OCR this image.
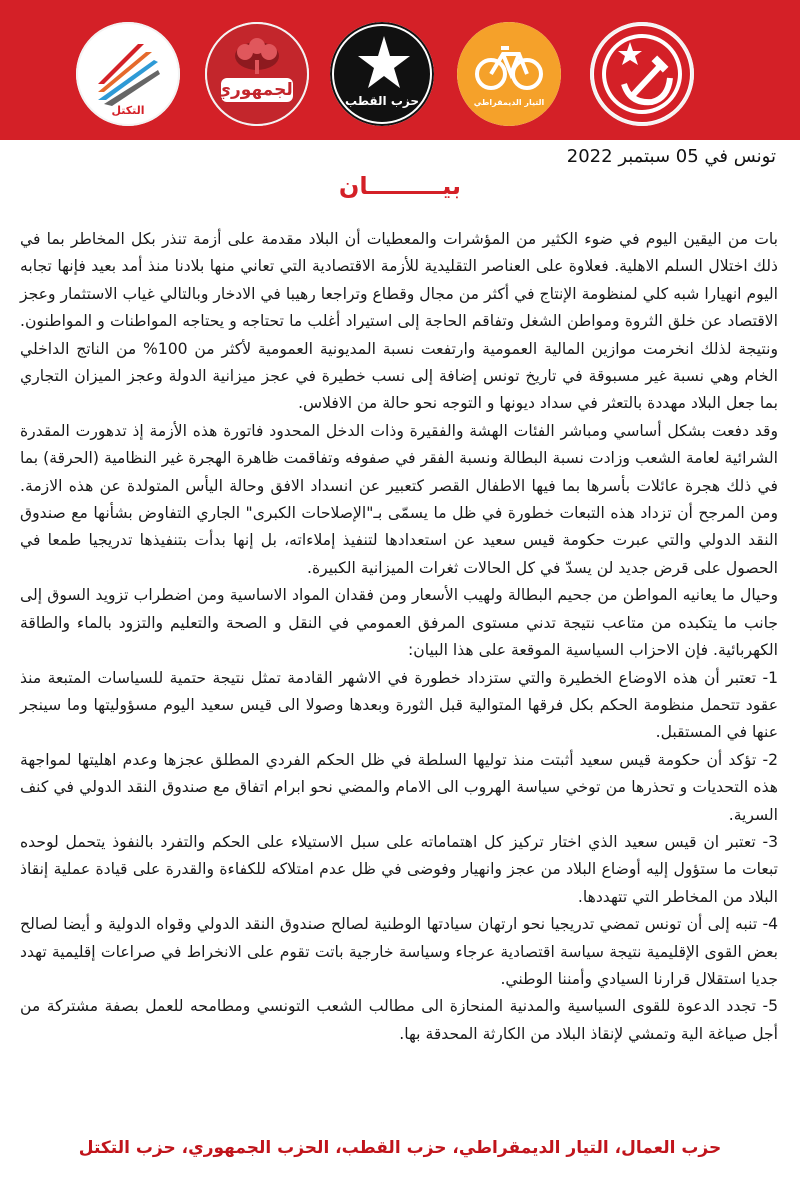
التيار الديمقراطي
حزب القطب
الجمهوري
التكتل
تونس في 05 سبتمبر 2022
بيـــــــــان

بات من اليقين اليوم في ضوء الكثير من المؤشرات والمعطيات أن البلاد مقدمة على أزمة تنذر بكل المخاطر بما في ذلك اختلال السلم الاهلية. فعلاوة على العناصر التقليدية للأزمة الاقتصادية التي تعاني منها بلادنا منذ أمد بعيد فإنها تجابه اليوم انهيارا شبه كلي لمنظومة الإنتاج في أكثر من مجال وقطاع وتراجعا رهيبا في الادخار وبالتالي غياب الاستثمار وعجز الاقتصاد عن خلق الثروة ومواطن الشغل وتفاقم الحاجة إلى استيراد أغلب ما تحتاجه و يحتاجه المواطنات و المواطنون. ونتيجة لذلك انخرمت موازين المالية العمومية وارتفعت نسبة المديونية العمومية لأكثر من 100% من الناتج الداخلي الخام وهي نسبة غير مسبوقة في تاريخ تونس إضافة إلى نسب خطيرة في عجز ميزانية الدولة وعجز الميزان التجاري بما جعل البلاد مهددة بالتعثر في سداد ديونها و التوجه نحو حالة من الافلاس.

وقد دفعت بشكل أساسي ومباشر الفئات الهشة والفقيرة وذات الدخل المحدود فاتورة هذه الأزمة إذ تدهورت المقدرة الشرائية لعامة الشعب وزادت نسبة البطالة ونسبة الفقر في صفوفه وتفاقمت ظاهرة الهجرة غير النظامية (الحرقة) بما في ذلك هجرة عائلات بأسرها بما فيها الاطفال القصر كتعبير عن انسداد الافق وحالة اليأس المتولدة عن هذه الازمة. ومن المرجح أن تزداد هذه التبعات خطورة في ظل ما يسمّى بـ"الإصلاحات الكبرى" الجاري التفاوض بشأنها مع صندوق النقد الدولي والتي عبرت حكومة قيس سعيد عن استعدادها لتنفيذ إملاءاته، بل إنها بدأت بتنفيذها تدريجيا طمعا في الحصول على قرض جديد لن يسدّ في كل الحالات ثغرات الميزانية الكبيرة.

وحيال ما يعانيه المواطن من جحيم البطالة ولهيب الأسعار ومن فقدان المواد الاساسية ومن اضطراب تزويد السوق إلى جانب ما يتكبده من متاعب نتيجة تدني مستوى المرفق العمومي في النقل و الصحة والتعليم والتزود بالماء والطاقة الكهربائية. فإن الاحزاب السياسية الموقعة على هذا البيان:

1- تعتبر أن هذه الاوضاع الخطيرة والتي ستزداد خطورة في الاشهر القادمة تمثل نتيجة حتمية للسياسات المتبعة منذ عقود تتحمل منظومة الحكم بكل فرقها المتوالية قبل الثورة وبعدها وصولا الى قيس سعيد اليوم مسؤوليتها وما سينجر عنها في المستقبل.

2- تؤكد أن حكومة قيس سعيد أثبتت منذ توليها السلطة في ظل الحكم الفردي المطلق عجزها وعدم اهليتها لمواجهة هذه التحديات و تحذرها من توخي سياسة الهروب الى الامام والمضي نحو ابرام اتفاق مع صندوق النقد الدولي في كنف السرية.

3- تعتبر ان قيس سعيد الذي اختار تركيز كل اهتماماته على سبل الاستيلاء على الحكم والتفرد بالنفوذ يتحمل لوحده تبعات ما ستؤول إليه أوضاع البلاد من عجز وانهيار وفوضى في ظل عدم امتلاكه للكفاءة والقدرة على قيادة عملية إنقاذ البلاد من المخاطر التي تتهددها.

4- تنبه إلى أن تونس تمضي تدريجيا نحو ارتهان سيادتها الوطنية لصالح صندوق النقد الدولي وقواه الدولية و أيضا لصالح بعض القوى الإقليمية نتيجة سياسة اقتصادية عرجاء وسياسة خارجية باتت تقوم على الانخراط في صراعات إقليمية تهدد جديا استقلال قرارنا السيادي وأمننا الوطني.

5- تجدد الدعوة للقوى السياسية والمدنية المنحازة الى مطالب الشعب التونسي ومطامحه للعمل بصفة مشتركة من أجل صياغة الية وتمشي لإنقاذ البلاد من الكارثة المحدقة بها.

حزب العمال، التيار الديمقراطي، حزب القطب، الحزب الجمهوري، حزب التكتل
